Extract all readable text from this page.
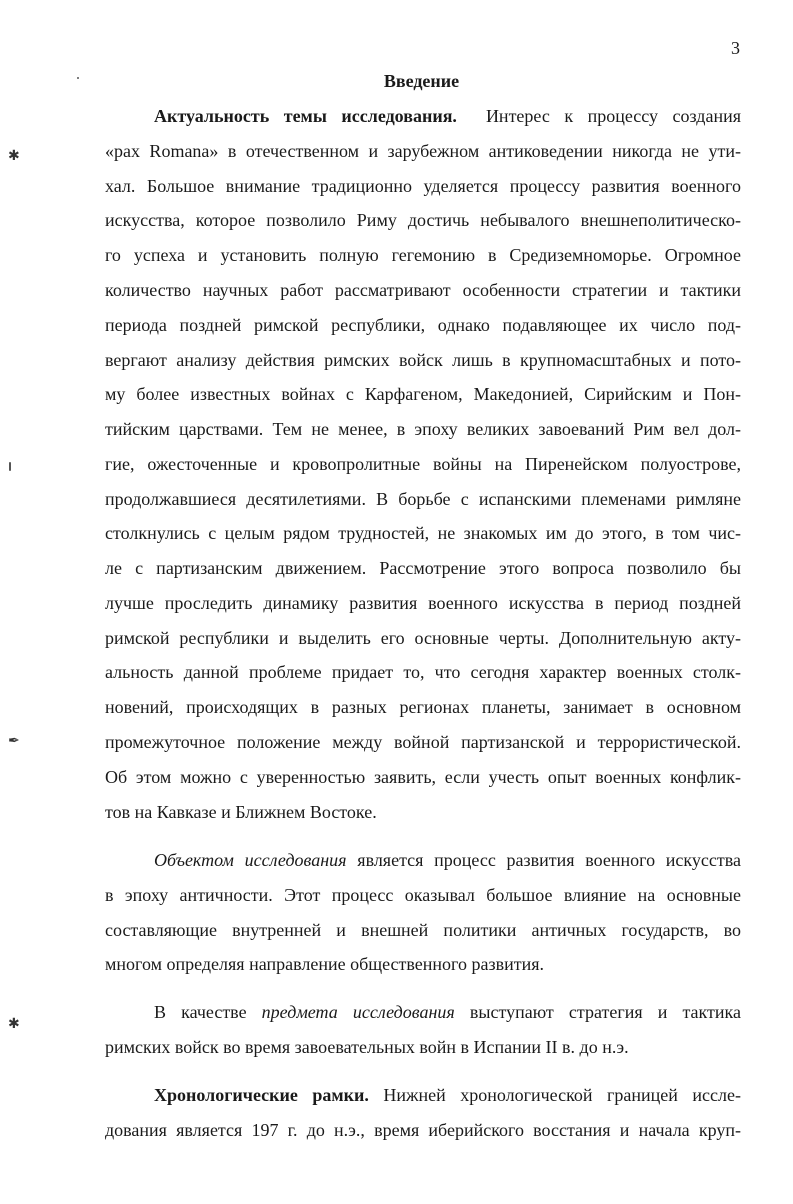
3
Введение
✱
✒
✱
Актуальность темы исследования. Интерес к процессу создания
«pax Romana» в отечественном и зарубежном антиковедении никогда не ути-
хал. Большое внимание традиционно уделяется процессу развития военного
искусства, которое позволило Риму достичь небывалого внешнеполитическо-
го успеха и установить полную гегемонию в Средиземноморье. Огромное
количество научных работ рассматривают особенности стратегии и тактики
периода поздней римской республики, однако подавляющее их число под-
вергают анализу действия римских войск лишь в крупномасштабных и пото-
му более известных войнах с Карфагеном, Македонией, Сирийским и Пон-
тийским царствами. Тем не менее, в эпоху великих завоеваний Рим вел дол-
гие, ожесточенные и кровопролитные войны на Пиренейском полуострове,
продолжавшиеся десятилетиями. В борьбе с испанскими племенами римляне
столкнулись с целым рядом трудностей, не знакомых им до этого, в том чис-
ле с партизанским движением. Рассмотрение этого вопроса позволило бы
лучше проследить динамику развития военного искусства в период поздней
римской республики и выделить его основные черты. Дополнительную акту-
альность данной проблеме придает то, что сегодня характер военных столк-
новений, происходящих в разных регионах планеты, занимает в основном
промежуточное положение между войной партизанской и террористической.
Об этом можно с уверенностью заявить, если учесть опыт военных конфлик-
тов на Кавказе и Ближнем Востоке.
Объектом исследования является процесс развития военного искусства
в эпоху античности. Этот процесс оказывал большое влияние на основные
составляющие внутренней и внешней политики античных государств, во
многом определяя направление общественного развития.
В качестве предмета исследования выступают стратегия и тактика
римских войск во время завоевательных войн в Испании II в. до н.э.
Хронологические рамки. Нижней хронологической границей иссле-
дования является 197 г. до н.э., время иберийского восстания и начала круп-
